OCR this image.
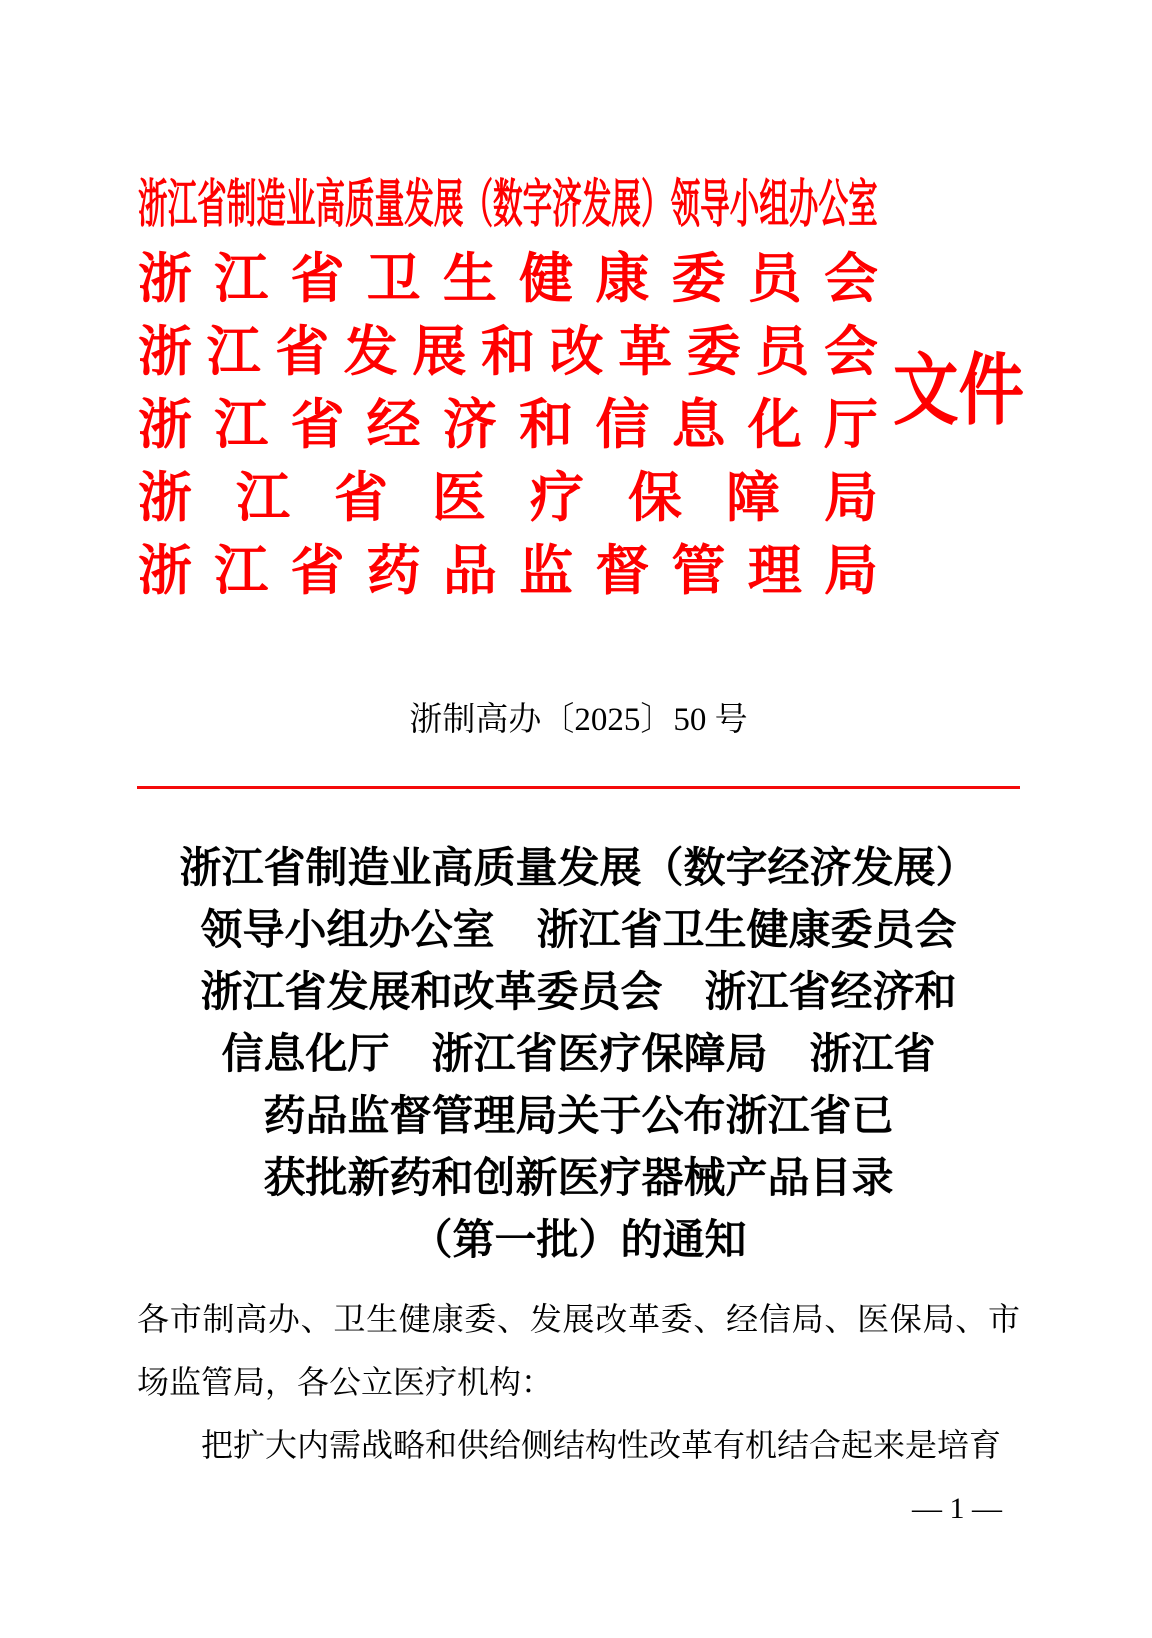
浙江省制造业高质量发展（数字济发展）领导小组办公室
浙江省卫生健康委员会
浙江省发展和改革委员会
浙江省经济和信息化厅
浙江省医疗保障局
浙江省药品监督管理局
文件
浙制高办〔2025〕50 号
浙江省制造业高质量发展（数字经济发展）
领导小组办公室　浙江省卫生健康委员会
浙江省发展和改革委员会　浙江省经济和
信息化厅　浙江省医疗保障局　浙江省
药品监督管理局关于公布浙江省已
获批新药和创新医疗器械产品目录
（第一批）的通知
各市制高办、卫生健康委、发展改革委、经信局、医保局、市
场监管局，各公立医疗机构：
把扩大内需战略和供给侧结构性改革有机结合起来是培育
— 1 —
